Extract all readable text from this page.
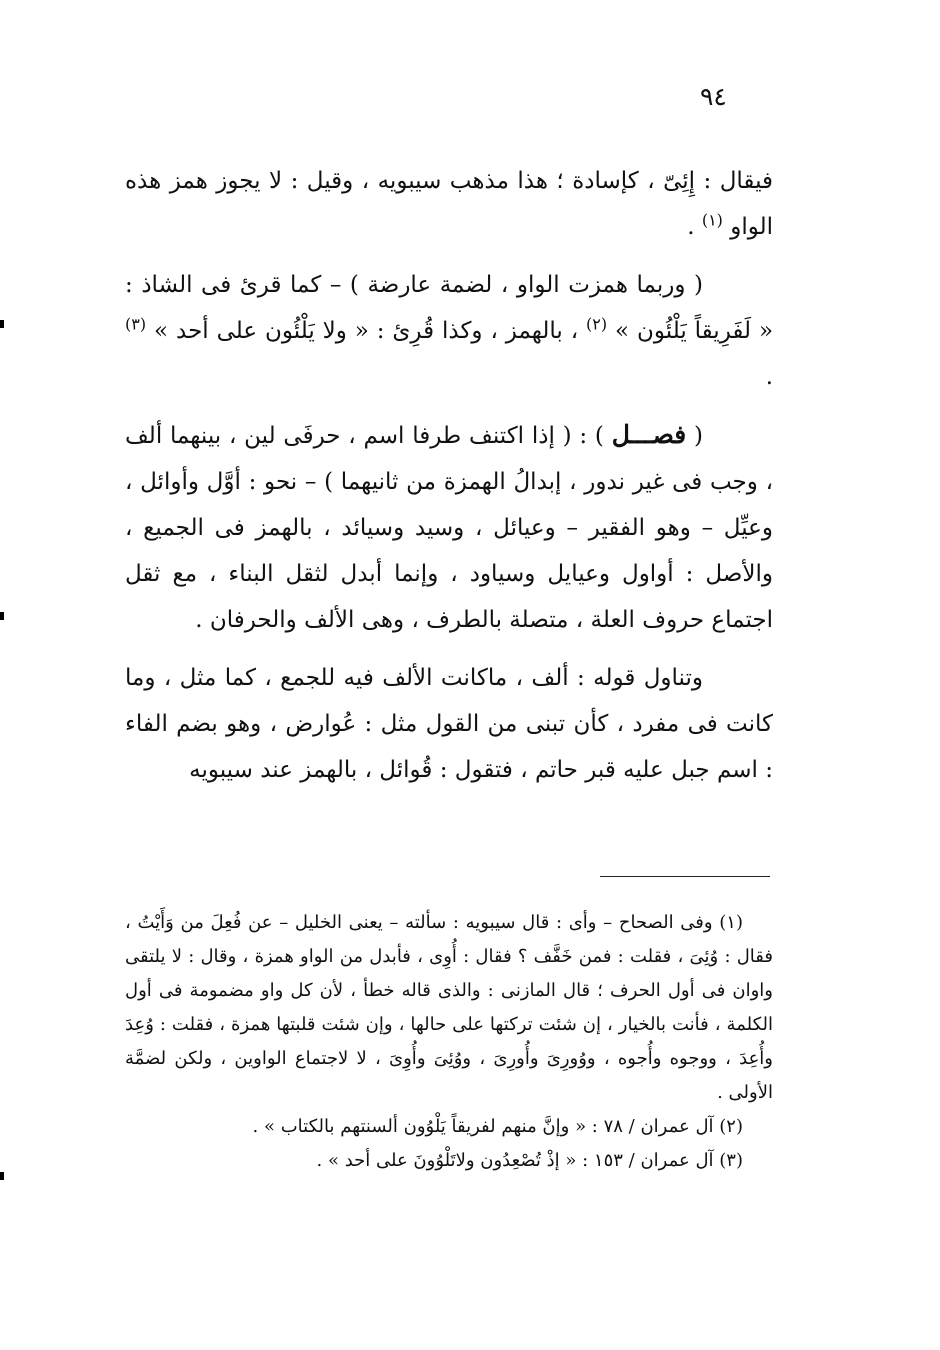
٩٤

فيقال : إِئِىّ ، كإسادة ؛ هذا مذهب سيبويه ، وقيل : لا يجوز همز هذه الواو $^{(١)}$ .

( وربما همزت الواو ، لضمة عارضة ) – كما قرئ فى الشاذ : « لَفَرِيقاً يَلْئُون » $^{(٢)}$ ، بالهمز ، وكذا قُرِئ : « ولا يَلْئُون على أحد » $^{(٣)}$ .

( فصـــل ) : ( إذا اكتنف طرفا اسم ، حرفَى لين ، بينهما ألف ، وجب فى غير ندور ، إبدالُ الهمزة من ثانيهما ) – نحو : أوَّل وأوائل ، وعيِّل – وهو الفقير – وعيائل ، وسيد وسيائد ، بالهمز فى الجميع ، والأصل : أواول وعيايل وسياود ، وإنما أبدل لثقل البناء ، مع ثقل اجتماع حروف العلة ، متصلة بالطرف ، وهى الألف والحرفان .

وتناول قوله : ألف ، ماكانت الألف فيه للجمع ، كما مثل ، وما كانت فى مفرد ، كأن تبنى من القول مثل : عُوارض ، وهو بضم الفاء : اسم جبل عليه قبر حاتم ، فتقول : قُوائل ، بالهمز عند سيبويه

(١) وفى الصحاح – وأى : قال سيبويه : سألته – يعنى الخليل – عن فُعِلَ من وَأَيْتُ ، فقال : وُئِىَ ، فقلت : فمن خَفَّف ؟ فقال : أُوِى ، فأبدل من الواو همزة ، وقال : لا يلتقى واوان فى أول الحرف ؛ قال المازنى : والذى قاله خطأ ، لأن كل واو مضمومة فى أول الكلمة ، فأنت بالخيار ، إن شئت تركتها على حالها ، وإن شئت قلبتها همزة ، فقلت : وُعِدَ وأُعِدَ ، ووجوه وأُجوه ، ووُورِىَ وأُورِىَ ، ووُئِىَ وأُوِىَ ، لا لاجتماع الواوين ، ولكن لضمَّة الأولى .

(٢) آل عمران / ٧٨ : « وإنَّ منهم لفريقاً يَلْوُون ألسنتهم بالكتاب » .

(٣) آل عمران / ١٥٣ : « إذْ تُصْعِدُون ولاتَلْوُونَ على أحد » .
